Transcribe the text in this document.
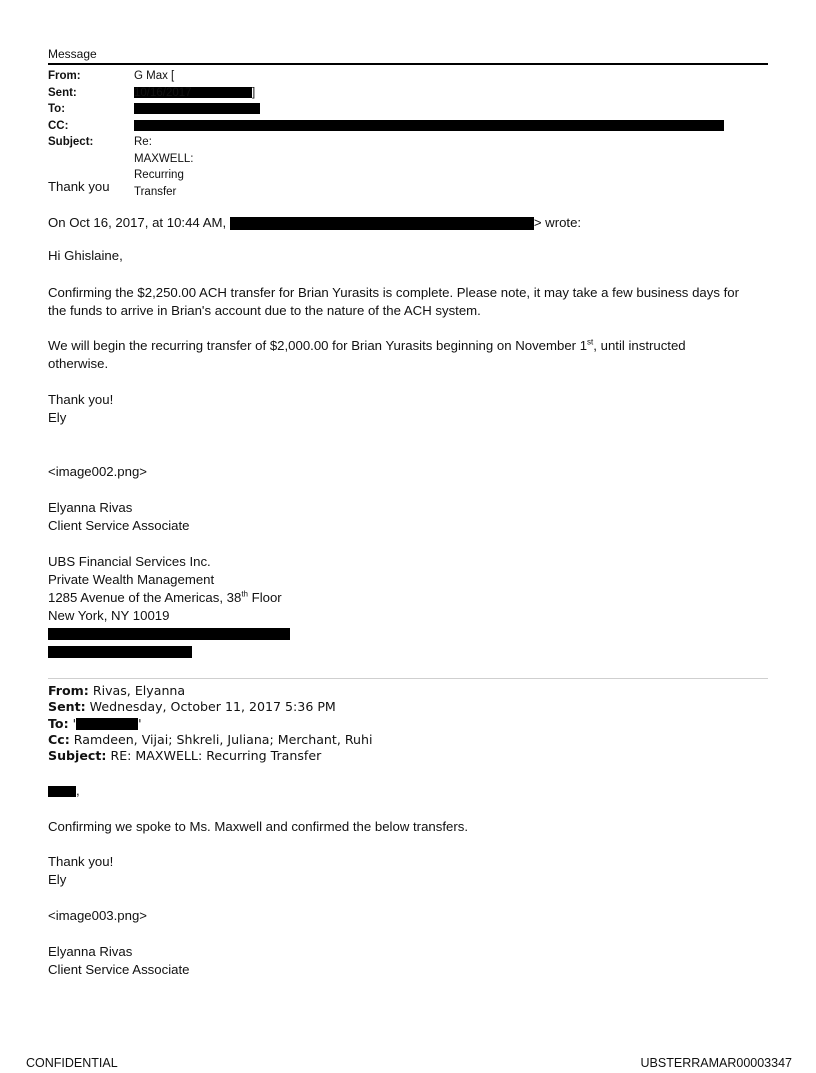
Message
From:	G Max []
Sent:	10/16/2017
To:
CC:
Subject:	Re: MAXWELL: Recurring Transfer
Thank you
On Oct 16, 2017, at 10:44 AM,	> wrote:
Hi Ghislaine,
Confirming the $2,250.00 ACH transfer for Brian Yurasits is complete. Please note, it may take a few business days for
the funds to arrive in Brian's account due to the nature of the ACH system.
We will begin the recurring transfer of $2,000.00 for Brian Yurasits beginning on November 1st, until instructed
otherwise.
Thank you!
Ely
<image002.png>
Elyanna Rivas
Client Service Associate
UBS Financial Services Inc.
Private Wealth Management
1285 Avenue of the Americas, 38th Floor
New York, NY 10019
From: Rivas, Elyanna
Sent: Wednesday, October 11, 2017 5:36 PM
To: '	'
Cc: Ramdeen, Vijai; Shkreli, Juliana; Merchant, Ruhi
Subject: RE: MAXWELL: Recurring Transfer
,
Confirming we spoke to Ms. Maxwell and confirmed the below transfers.
Thank you!
Ely
<image003.png>
Elyanna Rivas
Client Service Associate
CONFIDENTIAL	UBSTERRAMAR00003347
